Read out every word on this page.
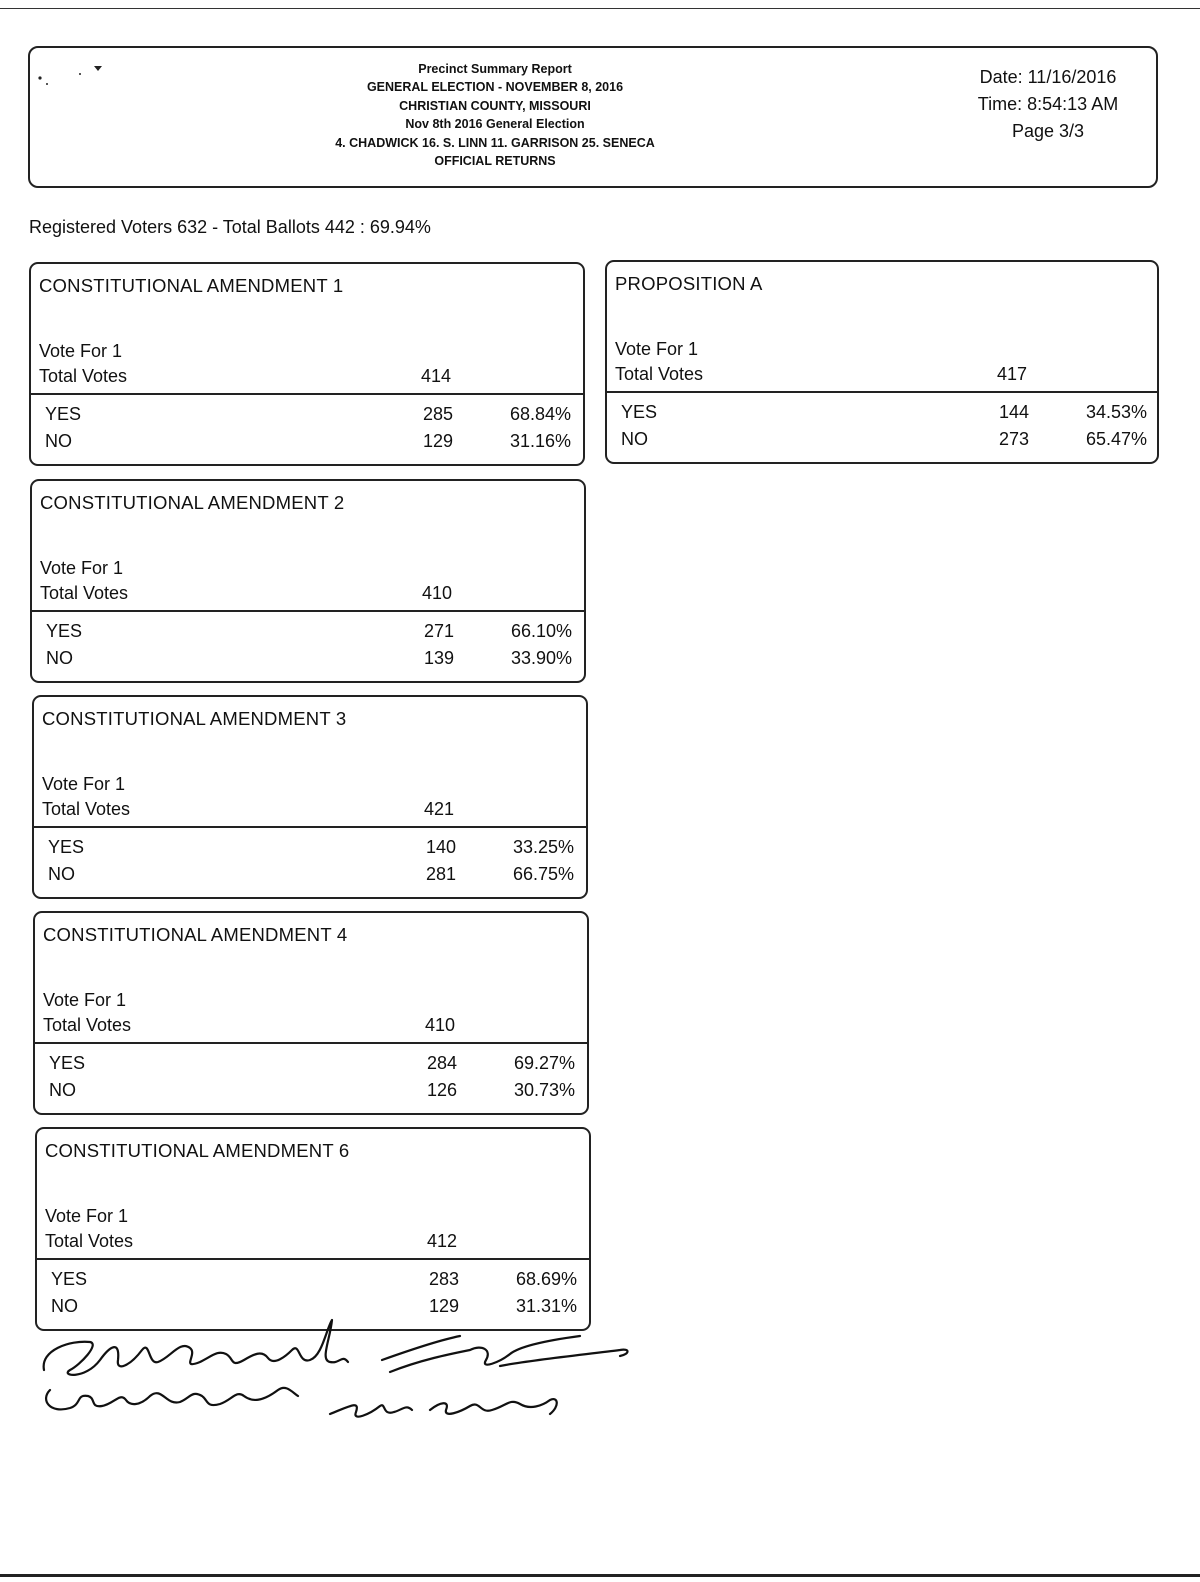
Precinct Summary Report
GENERAL ELECTION - NOVEMBER 8, 2016
CHRISTIAN COUNTY, MISSOURI
Nov 8th 2016 General Election
4. CHADWICK 16. S. LINN 11. GARRISON 25. SENECA
OFFICIAL RETURNS
Date: 11/16/2016
Time: 8:54:13 AM
Page 3/3
Registered Voters 632 - Total Ballots 442 : 69.94%
CONSTITUTIONAL AMENDMENT 1
Vote For 1
Total Votes	414
YES	285	68.84%
NO	129	31.16%
PROPOSITION A
Vote For 1
Total Votes	417
YES	144	34.53%
NO	273	65.47%
CONSTITUTIONAL AMENDMENT 2
Vote For 1
Total Votes	410
YES	271	66.10%
NO	139	33.90%
CONSTITUTIONAL AMENDMENT 3
Vote For 1
Total Votes	421
YES	140	33.25%
NO	281	66.75%
CONSTITUTIONAL AMENDMENT 4
Vote For 1
Total Votes	410
YES	284	69.27%
NO	126	30.73%
CONSTITUTIONAL AMENDMENT 6
Vote For 1
Total Votes	412
YES	283	68.69%
NO	129	31.31%
